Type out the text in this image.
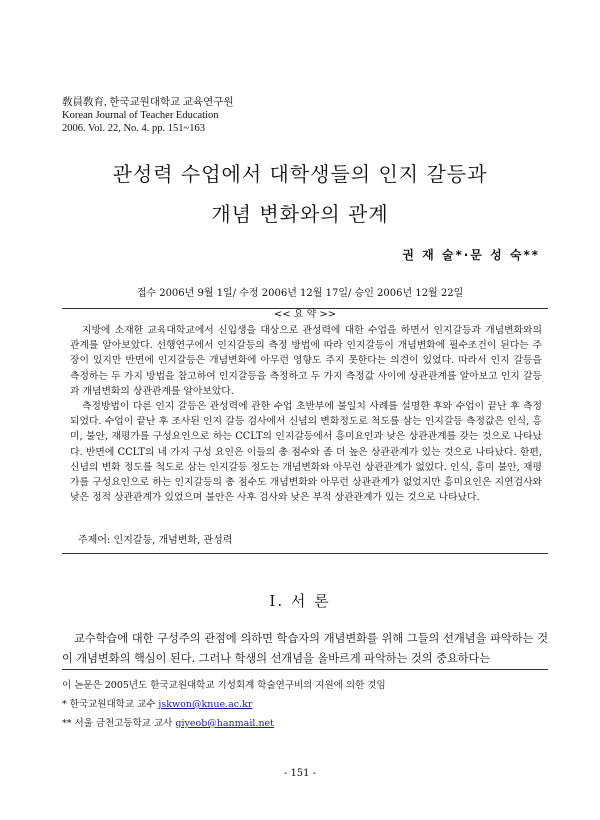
敎員敎育, 한국교원대학교 교육연구원
Korean Journal of Teacher Education
2006. Vol. 22, No. 4. pp. 151~163
관성력 수업에서 대학생들의 인지 갈등과
개념 변화와의 관계
권 재 술*·문 성 숙**
접수 2006년 9월 1일/ 수정 2006년 12월 17일/ 승인 2006년 12월 22일
<< 요 약 >>

지방에 소재한 교육대학교에서 신입생을 대상으로 관성력에 대한 수업을 하면서 인지갈등과 개념변화와의 관계를 알아보았다. 선행연구에서 인지갈등의 측정 방법에 따라 인지갈등이 개념변화에 필수조건이 된다는 주장이 있지만 반면에 인지갈등은 개념변화에 아무런 영향도 주지 못한다는 의견이 있었다. 따라서 인지 갈등을 측정하는 두 가지 방법을 참고하여 인지갈등을 측정하고 두 가지 측정값 사이에 상관관계를 알아보고 인지 갈등과 개념변화의 상관관계를 알아보았다.

측정방법이 다른 인지 갈등은 관성력에 관한 수업 초반부에 불일치 사례를 설명한 후와 수업이 끝난 후 측정되었다. 수업이 끝난 후 조사된 인지 갈등 검사에서 신념의 변화정도로 척도를 삼는 인지갈등 측정값은 인식, 흥미, 불안, 재평가를 구성요인으로 하는 CCLT의 인지갈등에서 흥미요인과 낮은 상관관계를 갖는 것으로 나타났다. 반면에 CCLT의 네 가지 구성 요인은 이들의 총 점수와 좀 더 높은 상관관계가 있는 것으로 나타났다. 한편, 신념의 변화 정도를 척도로 삼는 인지갈등 정도는 개념변화와 아무런 상관관계가 없었다. 인식, 흥미 불안, 재평가를 구성요인으로 하는 인지갈등의 총 점수도 개념변화와 아무런 상관관계가 없었지만 흥미요인은 지연검사와 낮은 정적 상관관계가 있었으며 불안은 사후 검사와 낮은 부적 상관관계가 있는 것으로 나타났다.

주제어: 인지갈등, 개념변화, 관성력
Ⅰ. 서 론

교수학습에 대한 구성주의 관점에 의하면 학습자의 개념변화를 위해 그들의 선개념을 파악하는 것이 개념변화의 핵심이 된다. 그러나 학생의 선개념을 올바르게 파악하는 것의 중요하다는

이 논문은 2005년도 한국교원대학교 기성회계 학술연구비의 지원에 의한 것임
* 한국교원대학교 교수 jskwon@knue.ac.kr
** 서울 금천고등학교 교사 giyeob@hanmail.net
- 151 -
